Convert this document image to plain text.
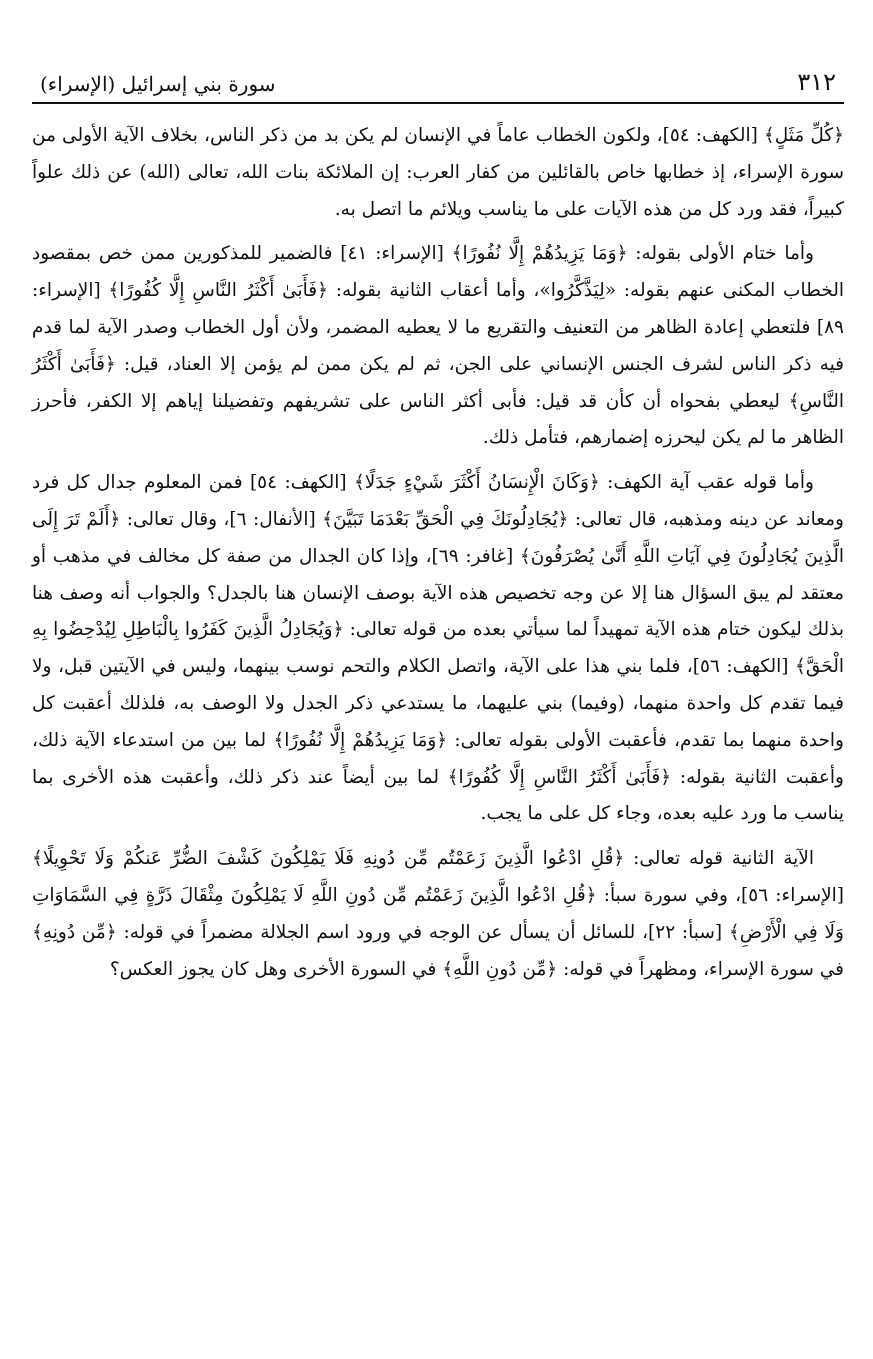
٣١٢
سورة بني إسرائيل (الإسراء)

﴿كُلِّ مَثَلٍ﴾ [الكهف: ٥٤]، ولكون الخطاب عاماً في الإنسان لم يكن بد من ذكر الناس، بخلاف الآية الأولى من سورة الإسراء، إذ خطابها خاص بالقائلين من كفار العرب: إن الملائكة بنات الله، تعالى (الله) عن ذلك علواً كبيراً، فقد ورد كل من هذه الآيات على ما يناسب ويلائم ما اتصل به.

وأما ختام الأولى بقوله: ﴿وَمَا يَزِيدُهُمْ إِلَّا نُفُورًا﴾ [الإسراء: ٤١] فالضمير للمذكورين ممن خص بمقصود الخطاب المكنى عنهم بقوله: «لِيَذَّكَّرُوا»، وأما أعقاب الثانية بقوله: ﴿فَأَبَىٰ أَكْثَرُ النَّاسِ إِلَّا كُفُورًا﴾ [الإسراء: ٨٩] فلتعطي إعادة الظاهر من التعنيف والتقريع ما لا يعطيه المضمر، ولأن أول الخطاب وصدر الآية لما قدم فيه ذكر الناس لشرف الجنس الإنساني على الجن، ثم لم يكن ممن لم يؤمن إلا العناد، قيل: ﴿فَأَبَىٰ أَكْثَرُ النَّاسِ﴾ ليعطي بفحواه أن كأن قد قيل: فأبى أكثر الناس على تشريفهم وتفضيلنا إياهم إلا الكفر، فأحرز الظاهر ما لم يكن ليحرزه إضمارهم، فتأمل ذلك.

وأما قوله عقب آية الكهف: ﴿وَكَانَ الْإِنسَانُ أَكْثَرَ شَيْءٍ جَدَلًا﴾ [الكهف: ٥٤] فمن المعلوم جدال كل فرد ومعاند عن دينه ومذهبه، قال تعالى: ﴿يُجَادِلُونَكَ فِي الْحَقِّ بَعْدَمَا تَبَيَّنَ﴾ [الأنفال: ٦]، وقال تعالى: ﴿أَلَمْ تَرَ إِلَى الَّذِينَ يُجَادِلُونَ فِي آيَاتِ اللَّهِ أَنَّىٰ يُصْرَفُونَ﴾ [غافر: ٦٩]، وإذا كان الجدال من صفة كل مخالف في مذهب أو معتقد لم يبق السؤال هنا إلا عن وجه تخصيص هذه الآية بوصف الإنسان هنا بالجدل؟ والجواب أنه وصف هنا بذلك ليكون ختام هذه الآية تمهيداً لما سيأتي بعده من قوله تعالى: ﴿وَيُجَادِلُ الَّذِينَ كَفَرُوا بِالْبَاطِلِ لِيُدْحِضُوا بِهِ الْحَقَّ﴾ [الكهف: ٥٦]، فلما بني هذا على الآية، واتصل الكلام والتحم نوسب بينهما، وليس في الآيتين قبل، ولا فيما تقدم كل واحدة منهما، (وفيما) بني عليهما، ما يستدعي ذكر الجدل ولا الوصف به، فلذلك أعقبت كل واحدة منهما بما تقدم، فأعقبت الأولى بقوله تعالى: ﴿وَمَا يَزِيدُهُمْ إِلَّا نُفُورًا﴾ لما بين من استدعاء الآية ذلك، وأعقبت الثانية بقوله: ﴿فَأَبَىٰ أَكْثَرُ النَّاسِ إِلَّا كُفُورًا﴾ لما بين أيضاً عند ذكر ذلك، وأعقبت هذه الأخرى بما يناسب ما ورد عليه بعده، وجاء كل على ما يجب.

الآية الثانية قوله تعالى: ﴿قُلِ ادْعُوا الَّذِينَ زَعَمْتُم مِّن دُونِهِ فَلَا يَمْلِكُونَ كَشْفَ الضُّرِّ عَنكُمْ وَلَا تَحْوِيلًا﴾ [الإسراء: ٥٦]، وفي سورة سبأ: ﴿قُلِ ادْعُوا الَّذِينَ زَعَمْتُم مِّن دُونِ اللَّهِ لَا يَمْلِكُونَ مِثْقَالَ ذَرَّةٍ فِي السَّمَاوَاتِ وَلَا فِي الْأَرْضِ﴾ [سبأ: ٢٢]، للسائل أن يسأل عن الوجه في ورود اسم الجلالة مضمراً في قوله: ﴿مِّن دُونِهِ﴾ في سورة الإسراء، ومظهراً في قوله: ﴿مِّن دُونِ اللَّهِ﴾ في السورة الأخرى وهل كان يجوز العكس؟
